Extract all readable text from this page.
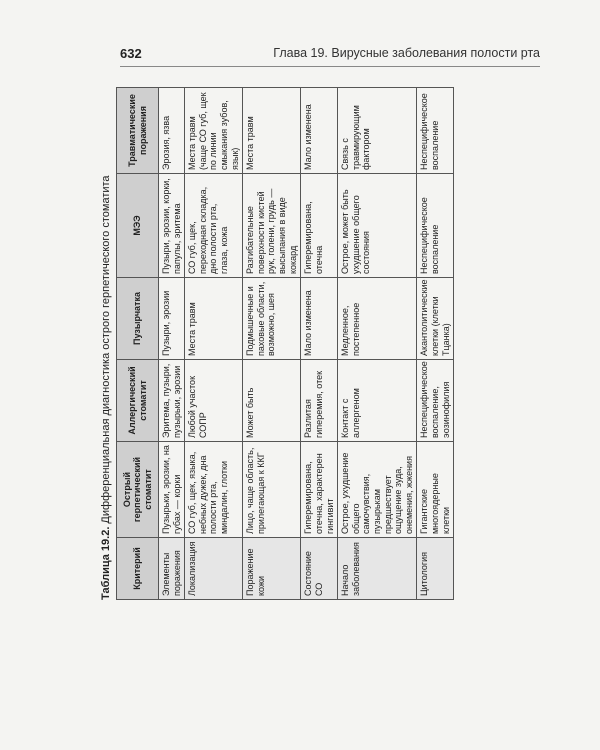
632	Глава 19. Вирусные заболевания полости рта
Таблица 19.2. Дифференциальная диагностика острого герпетического стоматита
Критерий	Острый герпетический стоматит	Аллергический стоматит	Пузырчатка	МЭЭ	Травматические поражения
Элементы поражения	Пузырьки, эрозии, на губах — корки	Эритема, пузыри, пузырьки, эрозии	Пузыри, эрозии	Пузыри, эрозии, корки, папулы, эритема	Эрозия, язва
Локализация	СО губ, щек, языка, небных дужек, дна полости рта, миндалин, глотки	Любой участок СОПР	Места травм	СО губ, щек, переходная складка, дно полости рта, глаза, кожа	Места травм (чаще СО губ, щек по линии смыкания зубов, язык)
Поражение кожи	Лицо, чаще область, прилегающая к ККГ	Может быть	Подмышечные и паховые области, возможно, шея	Разгибательные поверхности кистей рук, голени, грудь — высыпания в виде кокард	Места травм
Состояние СО	Гиперемирована, отечна, характерен гингивит	Разлитая гиперемия, отек	Мало изменена	Гиперемирована, отечна	Мало изменена
Начало заболевания	Острое, ухудшение общего самочувствия, пузырькам предшествует ощущение зуда, онемения, жжения	Контакт с аллергеном	Медленное, постепенное	Острое, может быть ухудшение общего состояния	Связь с травмирующим фактором
Цитология	Гигантские многоядерные клетки	Неспецифическое воспаление, эозинофилия	Акантолитические клетки (клетки Тцанка)	Неспецифическое воспаление	Неспецифическое воспаление
